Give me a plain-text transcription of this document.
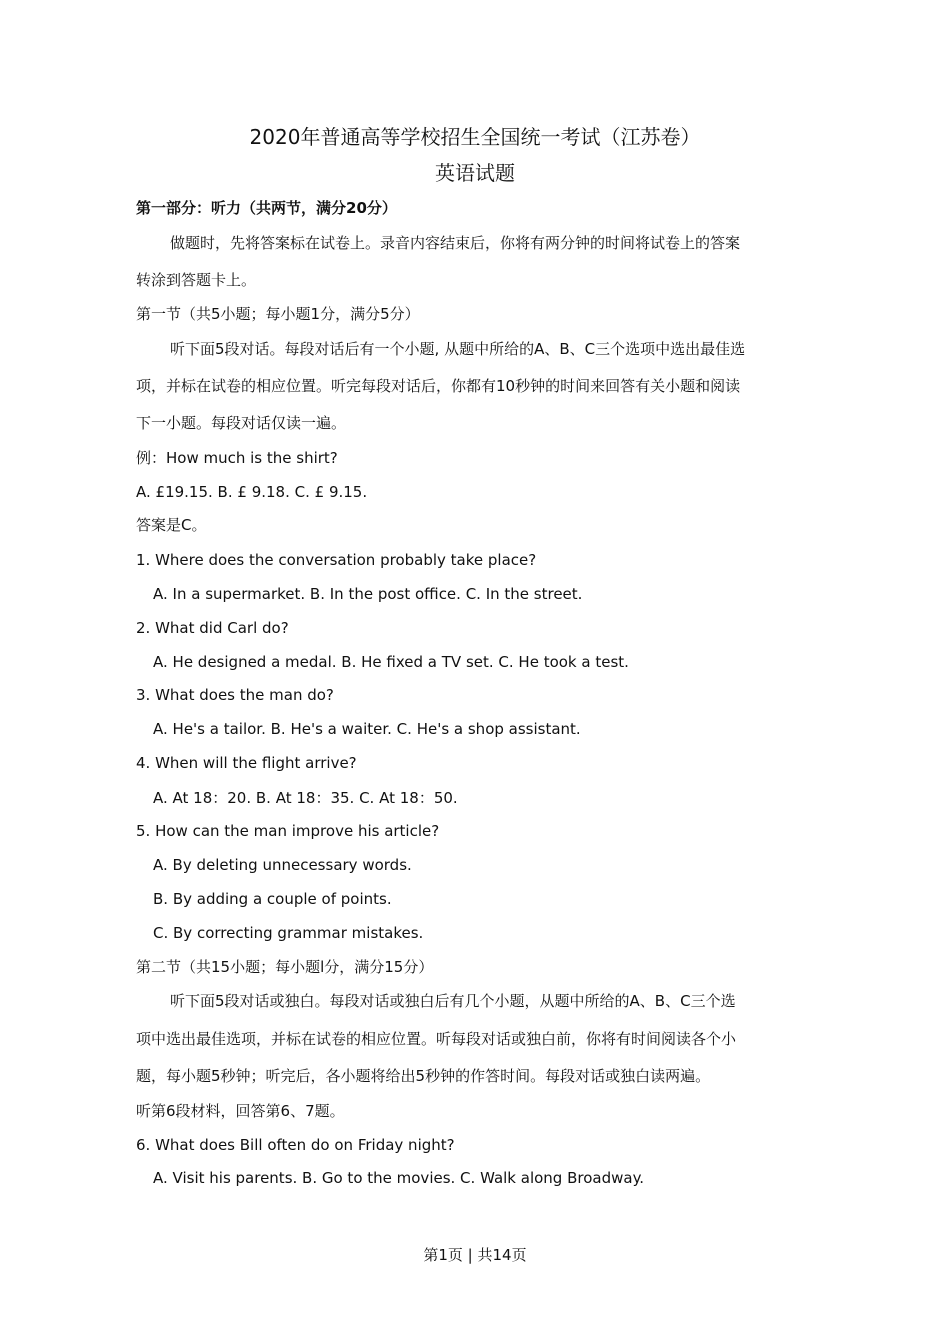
2020年普通高等学校招生全国统一考试（江苏卷）
英语试题
第一部分：听力（共两节，满分20分）
做题时，先将答案标在试卷上。录音内容结束后，你将有两分钟的时间将试卷上的答案
转涂到答题卡上。
第一节（共5小题；每小题1分，满分5分）
听下面5段对话。每段对话后有一个小题, 从题中所给的A、B、C三个选项中选出最佳选
项，并标在试卷的相应位置。听完每段对话后，你都有10秒钟的时间来回答有关小题和阅读
下一小题。每段对话仅读一遍。
例：How much is the shirt?
A. £19.15. B. £ 9.18. C. £ 9.15.
答案是C。
1. Where does the conversation probably take place?
A. In a supermarket. B. In the post office. C. In the street.
2. What did Carl do?
A. He designed a medal. B. He fixed a TV set. C. He took a test.
3. What does the man do?
A. He's a tailor. B. He's a waiter. C. He's a shop assistant.
4. When will the flight arrive?
A. At 18：20. B. At 18：35. C. At 18：50.
5. How can the man improve his article?
A. By deleting unnecessary words.
B. By adding a couple of points.
C. By correcting grammar mistakes.
第二节（共15小题；每小题l分，满分15分）
听下面5段对话或独白。每段对话或独白后有几个小题，从题中所给的A、B、C三个选
项中选出最佳选项，并标在试卷的相应位置。听每段对话或独白前，你将有时间阅读各个小
题，每小题5秒钟；听完后，各小题将给出5秒钟的作答时间。每段对话或独白读两遍。
听第6段材料，回答第6、7题。
6. What does Bill often do on Friday night?
A. Visit his parents. B. Go to the movies. C. Walk along Broadway.
第1页 | 共14页
